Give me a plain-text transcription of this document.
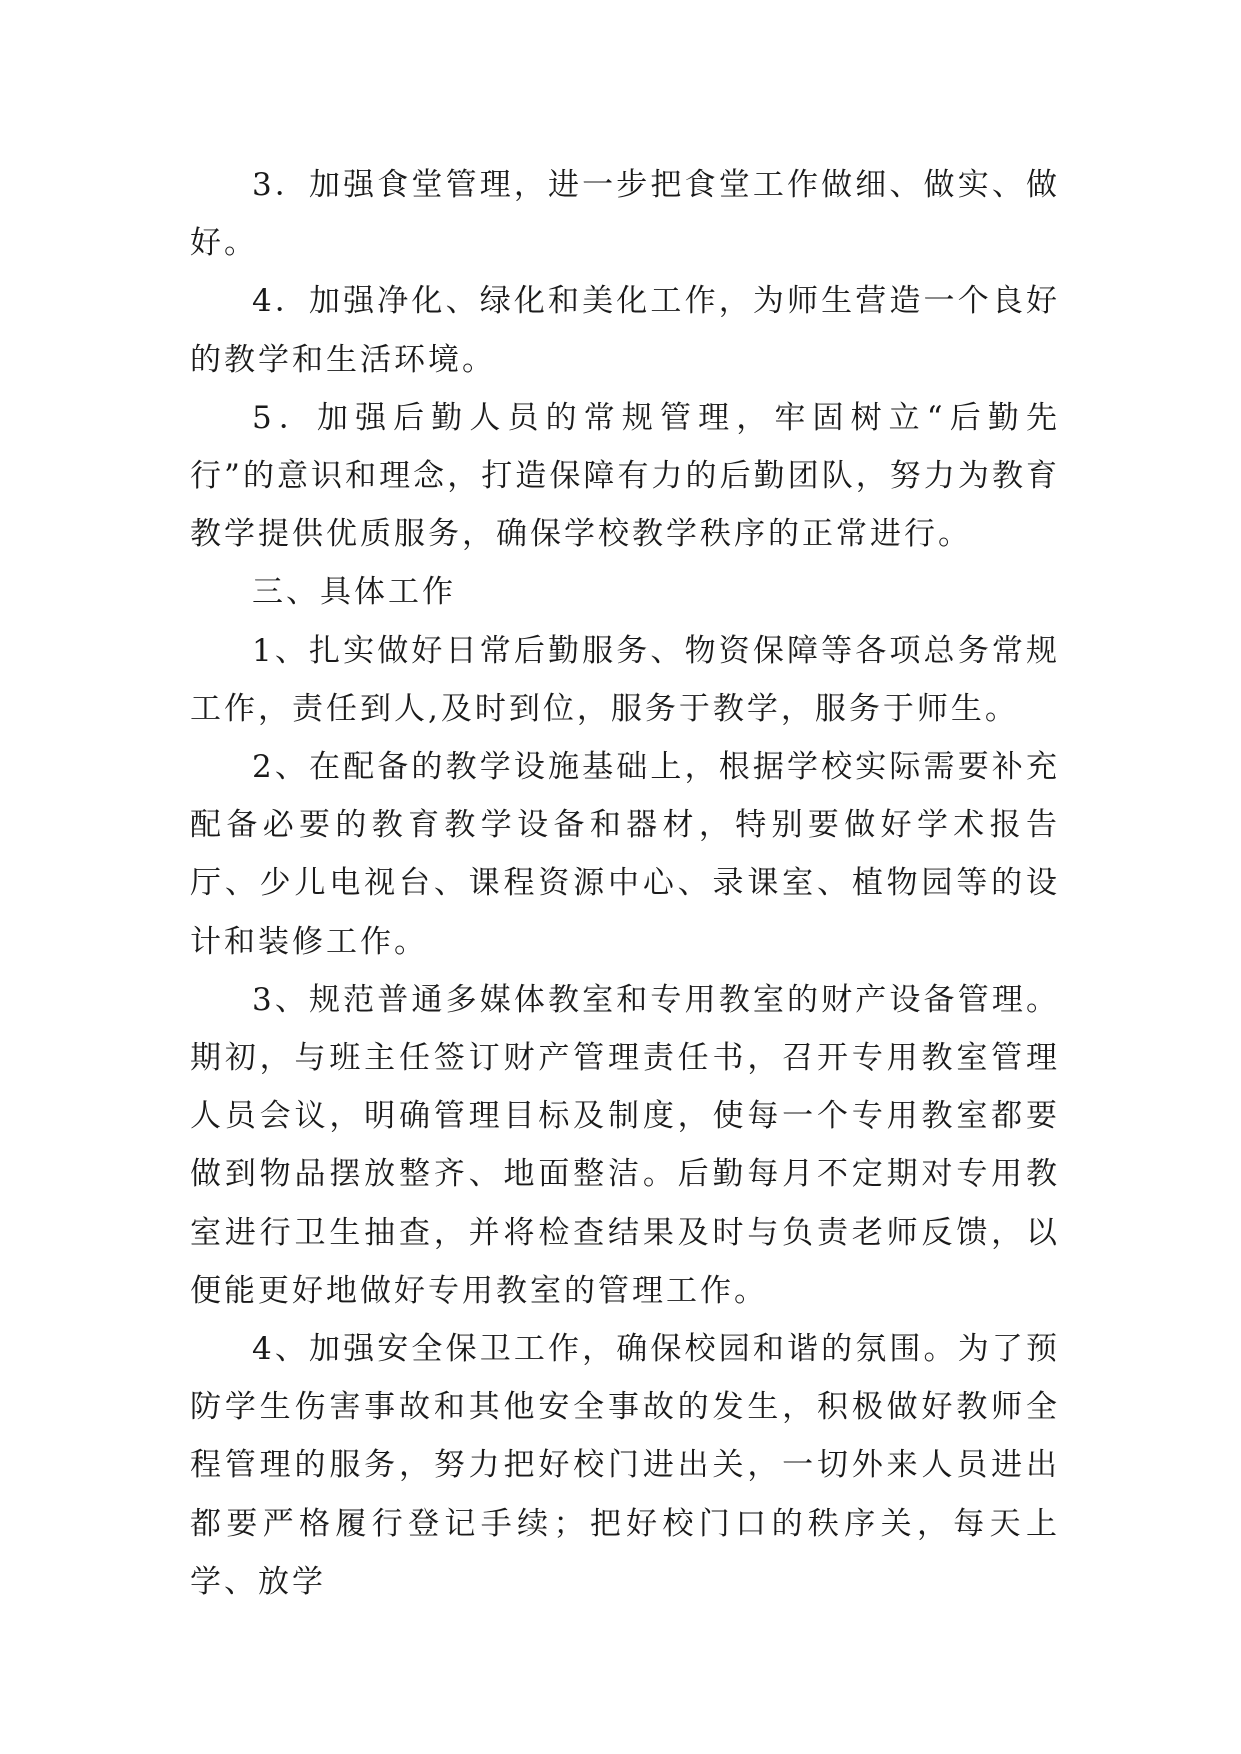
3．加强食堂管理，进一步把食堂工作做细、做实、做好。

4．加强净化、绿化和美化工作，为师生营造一个良好的教学和生活环境。

5．加强后勤人员的常规管理，牢固树立“后勤先行”的意识和理念，打造保障有力的后勤团队，努力为教育教学提供优质服务，确保学校教学秩序的正常进行。

三、具体工作

1、扎实做好日常后勤服务、物资保障等各项总务常规工作，责任到人,及时到位，服务于教学，服务于师生。

2、在配备的教学设施基础上，根据学校实际需要补充配备必要的教育教学设备和器材，特别要做好学术报告厅、少儿电视台、课程资源中心、录课室、植物园等的设计和装修工作。

3、规范普通多媒体教室和专用教室的财产设备管理。期初，与班主任签订财产管理责任书，召开专用教室管理人员会议，明确管理目标及制度，使每一个专用教室都要做到物品摆放整齐、地面整洁。后勤每月不定期对专用教室进行卫生抽查，并将检查结果及时与负责老师反馈，以便能更好地做好专用教室的管理工作。

4、加强安全保卫工作，确保校园和谐的氛围。为了预防学生伤害事故和其他安全事故的发生，积极做好教师全程管理的服务，努力把好校门进出关，一切外来人员进出都要严格履行登记手续；把好校门口的秩序关，每天上学、放学
